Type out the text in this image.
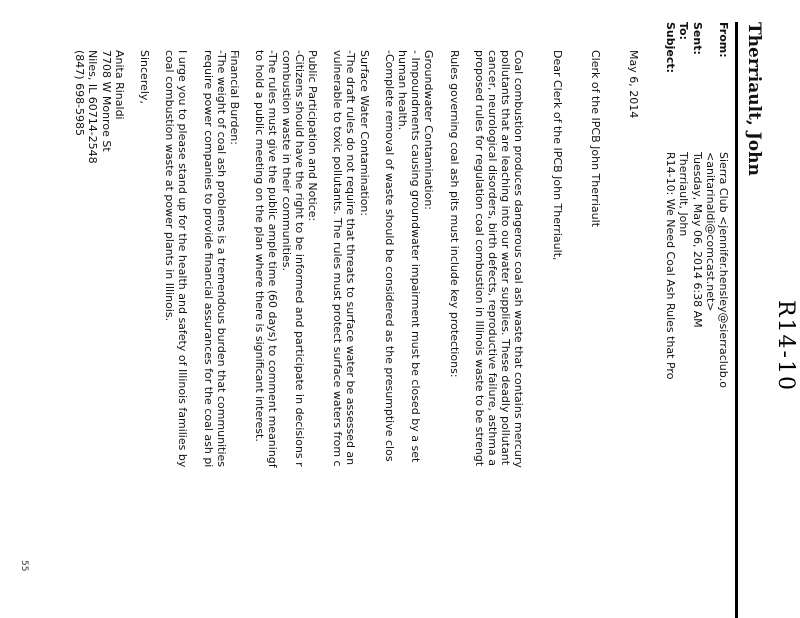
R14-10
Therriault, John
From:
Sierra Club <jennifer.hensley@sierraclub.o
<anitarinaldi@comcast.net>
Sent:
Tuesday, May 06, 2014 6:38 AM
To:
Therriault, John
Subject:
R14-10: We Need Coal Ash Rules that Pro
May 6, 2014
Clerk of the IPCB John Therriault
Dear Clerk of the IPCB John Therriault,
Coal combustion produces dangerous coal ash waste that contains mercury
pollutants that are leaching into our water supplies. These deadly pollutant
cancer, neurological disorders, birth defects, reproductive failure, asthma a
proposed rules for regulation coal combustion in Illinois waste to be strengt
Rules governing coal ash pits must include key protections:
Groundwater Contamination:
- Impoundments causing groundwater impairment must be closed by a set
human health.
-Complete removal of waste should be considered as the presumptive clos
Surface Water Contamination:
-The draft rules do not require that threats to surface water be assessed an
vulnerable to toxic pollutants. The rules must protect surface waters from c
Public Participation and Notice:
-Citizens should have the right to be informed and participate in decisions r
combustion waste in their communities.
-The rules must give the public ample time (60 days) to comment meaningf
to hold a public meeting on the plan where there is significant interest.
Financial Burden:
-The weight of coal ash problems is a tremendous burden that communities
require power companies to provide financial assurances for the coal ash pi
I urge you to please stand up for the health and safety of Illinois families by
coal combustion waste at power plants in Illinois.
Sincerely,
Anita Rinaldi
7708 W Monroe St
Niles, IL 60714-2548
(847) 698-5985
55
